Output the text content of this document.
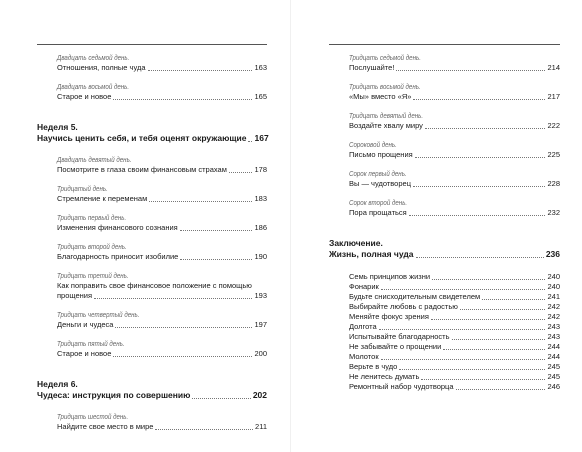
Двадцать седьмой день.
Отношения, полные чуда	163
Двадцать восьмой день.
Старое и новое	165
Неделя 5.
Научись ценить себя, и тебя оценят окружающие 167
Двадцать девятый день.
Посмотрите в глаза своим финансовым страхам	178
Тридцатый день.
Стремление к переменам	183
Тридцать первый день.
Изменения финансового сознания	186
Тридцать второй день.
Благодарность приносит изобилие	190
Тридцать третий день.
Как поправить свое финансовое положение с помощью
прощения	193
Тридцать четвертый день.
Деньги и чудеса	197
Тридцать пятый день.
Старое и новое	200
Неделя 6.
Чудеса: инструкция по совершению	202
Тридцать шестой день.
Найдите свое место в мире	211
Тридцать седьмой день.
Послушайте!	214
Тридцать восьмой день.
«Мы» вместо «Я»	217
Тридцать девятый день.
Воздайте хвалу миру	222
Сороковой день.
Письмо прощения	225
Сорок первый день.
Вы — чудотворец	228
Сорок второй день.
Пора прощаться	232
Заключение.
Жизнь, полная чуда	236
Семь принципов жизни	240
Фонарик	240
Будьте снисходительным свидетелем	241
Выбирайте любовь с радостью	242
Меняйте фокус зрения	242
Долгота	243
Испытывайте благодарность	243
Не забывайте о прощении	244
Молоток	244
Верьте в чудо	245
Не ленитесь думать	245
Ремонтный набор чудотворца	246
